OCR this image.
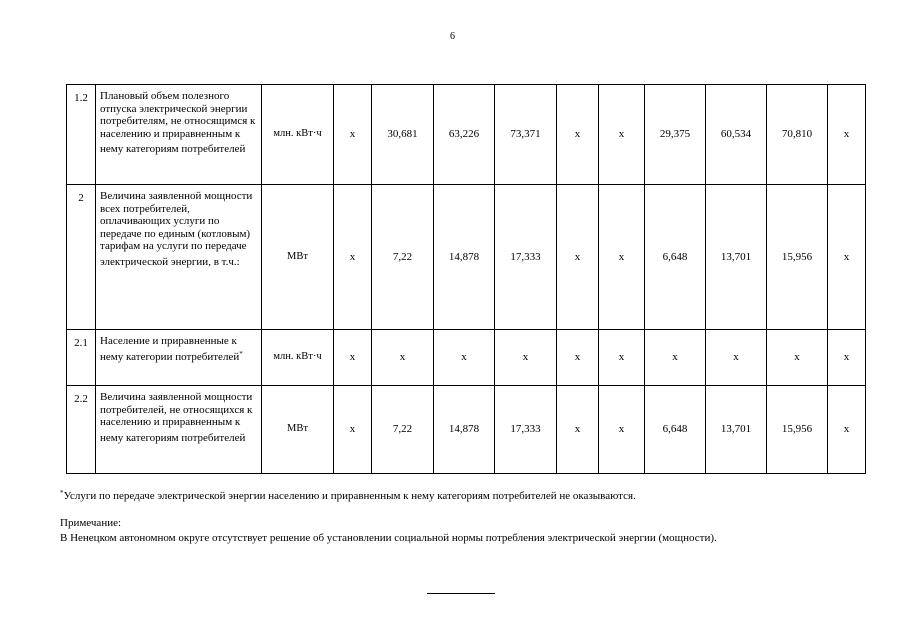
6
1.2	Плановый объем полезного отпуска электрической энергии потребителям, не относящимся к населению и приравненным к нему категориям потребителей	млн. кВт·ч	х	30,681	63,226	73,371	х	х	29,375	60,534	70,810	х
2	Величина заявленной мощности всех потребителей, оплачивающих услуги по передаче по единым (котловым) тарифам на услуги по передаче электрической энергии, в т.ч.:	МВт	х	7,22	14,878	17,333	х	х	6,648	13,701	15,956	х
2.1	Население и приравненные к нему категории потребителей*	млн. кВт·ч	х	х	х	х	х	х	х	х	х	х
2.2	Величина заявленной мощности потребителей, не относящихся к населению и приравненным к нему категориям потребителей	МВт	х	7,22	14,878	17,333	х	х	6,648	13,701	15,956	х
*Услуги по передаче электрической энергии населению и приравненным к нему категориям потребителей не оказываются.
Примечание:
В Ненецком автономном округе отсутствует решение об установлении социальной нормы потребления электрической энергии (мощности).
